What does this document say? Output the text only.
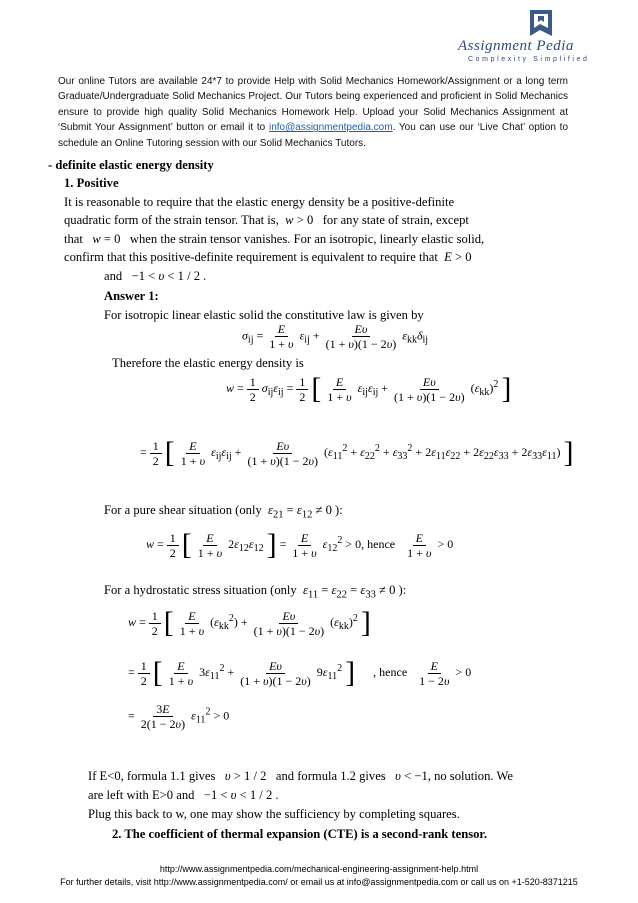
Assignment Pedia
Complexity Simplified
Our online Tutors are available 24*7 to provide Help with Solid Mechanics Homework/Assignment or a long term Graduate/Undergraduate Solid Mechanics Project. Our Tutors being experienced and proficient in Solid Mechanics ensure to provide high quality Solid Mechanics Homework Help. Upload your Solid Mechanics Assignment at ‘Submit Your Assignment’ button or email it to info@assignmentpedia.com. You can use our ‘Live Chat’ option to schedule an Online Tutoring session with our Solid Mechanics Tutors.
- definite elastic energy density
1. Positive
It is reasonable to require that the elastic energy density be a positive-definite
quadratic form of the strain tensor. That is,  w > 0   for any state of strain, except
that w = 0   when the strain tensor vanishes. For an isotropic, linearly elastic solid,
confirm that this positive-definite requirement is equivalent to require that E > 0
and   −1 < υ < 1 / 2 .
Answer 1:
For isotropic linear elastic solid the constitutive law is given by
$\sigma_{ij} = \frac{E}{1 + \upsilon} \varepsilon_{ij} + \frac{E\upsilon}{(1 + \upsilon)(1 - 2\upsilon)} \varepsilon_{kk}\delta_{ij}$
Therefore the elastic energy density is
$w = \frac{1}{2} \sigma_{ij}\varepsilon_{ij} = \frac{1}{2}$ [ $\frac{E}{1 + \upsilon} \varepsilon_{ij}\varepsilon_{ij} + \frac{E\upsilon}{(1 + \upsilon)(1 - 2\upsilon)} (\varepsilon_{kk})^2$ ]
= $\frac{1}{2}$ [ $\frac{E}{1 + \upsilon} \varepsilon_{ij}\varepsilon_{ij} + \frac{E\upsilon}{(1 + \upsilon)(1 - 2\upsilon)} (\varepsilon_{11}^2 + \varepsilon_{22}^2 + \varepsilon_{33}^2 + 2\varepsilon_{11}\varepsilon_{22} + 2\varepsilon_{22}\varepsilon_{33} + 2\varepsilon_{33}\varepsilon_{11})$ ]
For a pure shear situation (only $\varepsilon_{21} = \varepsilon_{12} \ne 0$ ):
$w = \frac{1}{2}$ [ $\frac{E}{1 + \upsilon} 2\varepsilon_{12}\varepsilon_{12}$ ] = $\frac{E}{1 + \upsilon} \varepsilon_{12}^2 > 0$, hence $\frac{E}{1 + \upsilon} > 0$
For a hydrostatic stress situation (only $\varepsilon_{11} = \varepsilon_{22} = \varepsilon_{33} \ne 0$ ):
$w = \frac{1}{2}$ [ $\frac{E}{1 + \upsilon} (\varepsilon_{kk}^2) + \frac{E\upsilon}{(1 + \upsilon)(1 - 2\upsilon)} (\varepsilon_{kk})^2$ ]
= $\frac{1}{2}$ [ $\frac{E}{1 + \upsilon} 3\varepsilon_{11}^2 + \frac{E\upsilon}{(1 + \upsilon)(1 - 2\upsilon)} 9\varepsilon_{11}^2$ ] , hence $\frac{E}{1 - 2\upsilon} > 0$
= $\frac{3E}{2(1 - 2\upsilon)} \varepsilon_{11}^2 > 0$
If E<0, formula 1.1 gives υ > 1 / 2   and formula 1.2 gives υ < −1, no solution. We
are left with E>0 and   −1 < υ < 1 / 2 .
Plug this back to w, one may show the sufficiency by completing squares.
2. The coefficient of thermal expansion (CTE) is a second-rank tensor.
http://www.assignmentpedia.com/mechanical-engineering-assignment-help.html
For further details, visit http://www.assignmentpedia.com/ or email us at info@assignmentpedia.com or call us on +1-520-8371215
